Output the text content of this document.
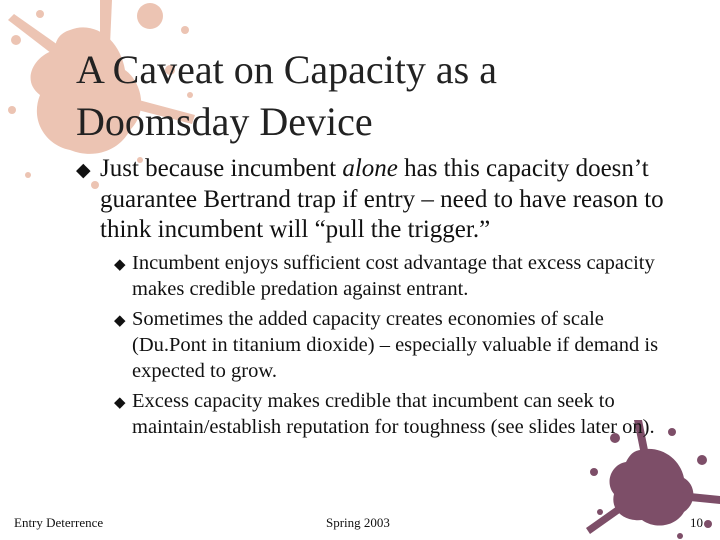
A Caveat on Capacity as a
Doomsday Device
◆ Just because incumbent alone has this capacity doesn’t guarantee Bertrand trap if entry – need to have reason to think incumbent will “pull the trigger.”
◆ Incumbent enjoys sufficient cost advantage that excess capacity makes credible predation against entrant.
◆ Sometimes the added capacity creates economies of scale (Du.Pont in titanium dioxide) – especially valuable if demand is expected to grow.
◆ Excess capacity makes credible that incumbent can seek to maintain/establish reputation for toughness (see slides later on).
Entry Deterrence	Spring 2003	10
